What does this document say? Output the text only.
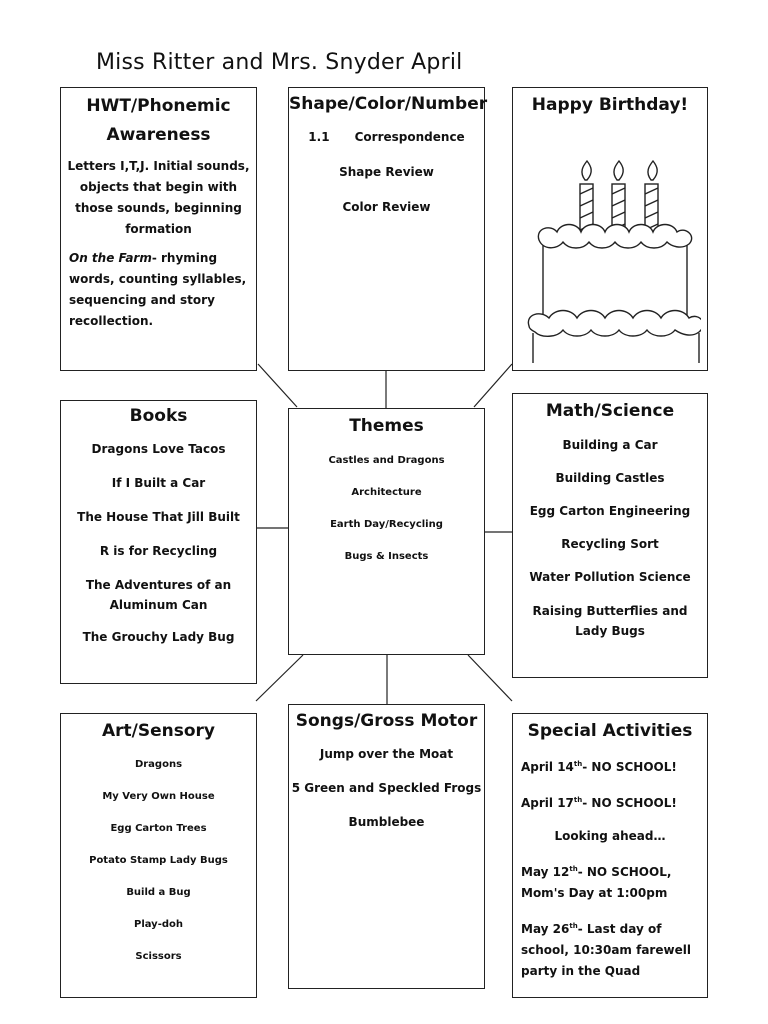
Miss Ritter and Mrs. Snyder April
HWT/Phonemic Awareness
Letters I,T,J. Initial sounds, objects that begin with those sounds, beginning formation
On the Farm- rhyming words, counting syllables, sequencing and story recollection.
Shape/Color/Number

1.1      Correspondence

Shape Review

Color Review

Happy Birthday!
Books

Dragons Love Tacos

If I Built a Car

The House That Jill Built

R is for Recycling

The Adventures of an Aluminum Can

The Grouchy Lady Bug

Themes

Castles and Dragons

Architecture

Earth Day/Recycling

Bugs & Insects

Math/Science

Building a Car

Building Castles

Egg Carton Engineering

Recycling Sort

Water Pollution Science

Raising Butterflies and Lady Bugs

Art/Sensory

Dragons

My Very Own House

Egg Carton Trees

Potato Stamp Lady Bugs

Build a Bug

Play-doh

Scissors

Songs/Gross Motor

Jump over the Moat

5 Green and Speckled Frogs

Bumblebee

Special Activities

April 14th- NO SCHOOL!

April 17th- NO SCHOOL!

Looking ahead…

May 12th- NO SCHOOL, Mom's Day at 1:00pm

May 26th- Last day of school, 10:30am farewell party in the Quad
